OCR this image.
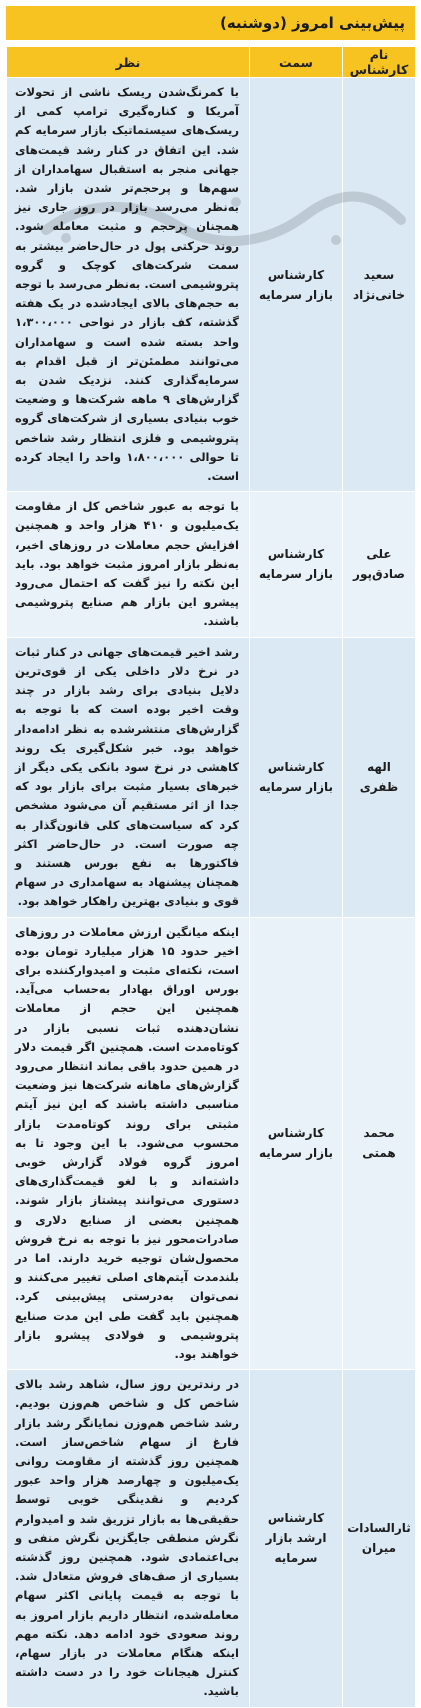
پیش‌بینی امروز (دوشنبه)
نام کارشناس	سمت	نظر
سعید خانی‌نژاد	کارشناس بازار سرمایه	با کمرنگ‌شدن ریسک ناشی از تحولات آمریکا و کناره‌گیری ترامپ کمی از ریسک‌های سیستماتیک بازار سرمایه کم شد. این اتفاق در کنار رشد قیمت‌های جهانی منجر به استقبال سهامداران از سهم‌ها و پرحجم‌تر شدن بازار شد. به‌نظر می‌رسد بازار در روز جاری نیز همچنان پرحجم و مثبت معامله شود. روند حرکتی پول در حال‌حاضر بیشتر به سمت شرکت‌های کوچک و گروه پتروشیمی است. به‌نظر می‌رسد با توجه به حجم‌های بالای ایجادشده در یک هفته گذشته، کف بازار در نواحی ۱،۳۰۰،۰۰۰ واحد بسته شده است و سهامداران می‌توانند مطمئن‌تر از قبل اقدام به سرمایه‌گذاری کنند. نزدیک شدن به گزارش‌های ۹ ماهه شرکت‌ها و وضعیت خوب بنیادی بسیاری از شرکت‌های گروه پتروشیمی و فلزی انتظار رشد شاخص تا حوالی ۱،۸۰۰،۰۰۰ واحد را ایجاد کرده است.
علی صادق‌پور	کارشناس بازار سرمایه	با توجه به عبور شاخص کل از مقاومت یک‌میلیون و ۴۱۰ هزار واحد و همچنین افزایش حجم معاملات در روزهای اخیر، به‌نظر بازار امروز مثبت خواهد بود. باید این نکته را نیز گفت که احتمال می‌رود پیشرو این بازار هم صنایع پتروشیمی باشند.
الهه ظفری	کارشناس بازار سرمایه	رشد اخیر قیمت‌های جهانی در کنار ثبات در نرخ دلار داخلی یکی از قوی‌ترین دلایل بنیادی برای رشد بازار در چند وقت اخیر بوده است که با توجه به گزارش‌های منتشرشده به نظر ادامه‌دار خواهد بود. خبر شکل‌گیری یک روند کاهشی در نرخ سود بانکی یکی دیگر از خبرهای بسیار مثبت برای بازار بود که جدا از اثر مستقیم آن می‌شود مشخص کرد که سیاست‌های کلی قانون‌گذار به چه صورت است. در حال‌حاضر اکثر فاکتورها به نفع بورس هستند و همچنان پیشنهاد به سهامداری در سهام قوی و بنیادی بهترین راهکار خواهد بود.
محمد همتی	کارشناس بازار سرمایه	اینکه میانگین ارزش معاملات در روزهای اخیر حدود ۱۵ هزار میلیارد تومان بوده است، نکته‌ای مثبت و امیدوارکننده برای بورس اوراق بهادار به‌حساب می‌آید. همچنین این حجم از معاملات نشان‌دهنده ثبات نسبی بازار در کوتاه‌مدت است. همچنین اگر قیمت دلار در همین حدود باقی بماند انتظار می‌رود گزارش‌های ماهانه شرکت‌ها نیز وضعیت مناسبی داشته باشند که این نیز آیتم مثبتی برای روند کوتاه‌مدت بازار محسوب می‌شود. با این وجود تا به امروز گروه فولاد گزارش خوبی داشته‌اند و با لغو قیمت‌گذاری‌های دستوری می‌توانند پیشتاز بازار شوند. همچنین بعضی از صنایع دلاری و صادرات‌محور نیز با توجه به نرخ فروش محصول‌شان توجیه خرید دارند. اما در بلندمدت آیتم‌های اصلی تغییر می‌کنند و نمی‌توان به‌درستی پیش‌بینی کرد. همچنین باید گفت طی این مدت صنایع پتروشیمی و فولادی پیشرو بازار خواهند بود.
ثارالسادات میران	کارشناس ارشد بازار سرمایه	در رندترین روز سال، شاهد رشد بالای شاخص کل و شاخص هم‌وزن بودیم. رشد شاخص هم‌وزن نمایانگر رشد بازار فارغ از سهام شاخص‌ساز است. همچنین روز گذشته از مقاومت روانی یک‌میلیون و چهارصد هزار واحد عبور کردیم و نقدینگی خوبی توسط حقیقی‌ها به بازار تزریق شد و امیدوارم نگرش منطقی جایگزین نگرش منفی و بی‌اعتمادی شود. همچنین روز گذشته بسیاری از صف‌های فروش متعادل شد. با توجه به قیمت پایانی اکثر سهام معامله‌شده، انتظار داریم بازار امروز به روند صعودی خود ادامه دهد. نکته مهم اینکه هنگام معاملات در بازار سهام، کنترل هیجانات خود را در دست داشته باشید.
